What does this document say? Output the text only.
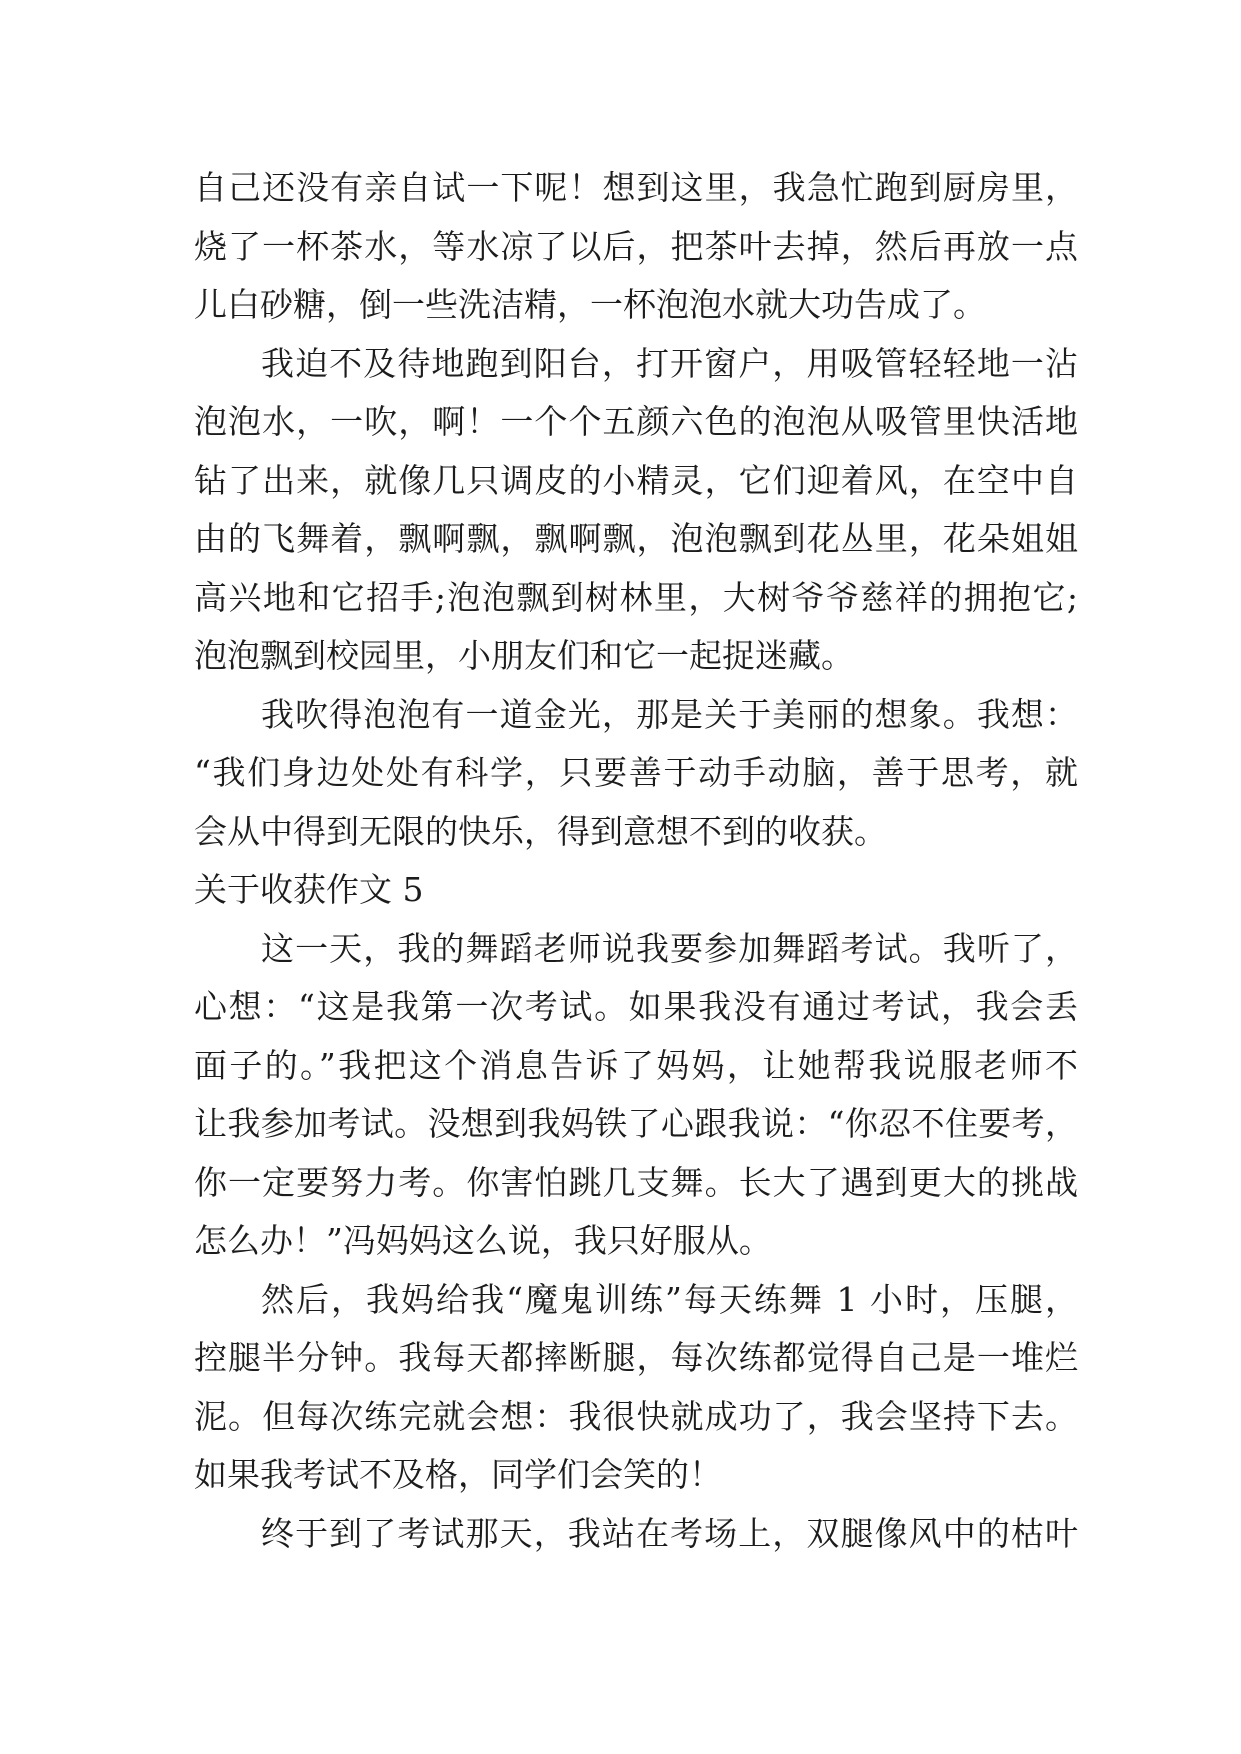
自己还没有亲自试一下呢！想到这里，我急忙跑到厨房里，
烧了一杯茶水，等水凉了以后，把茶叶去掉，然后再放一点
儿白砂糖，倒一些洗洁精，一杯泡泡水就大功告成了。
我迫不及待地跑到阳台，打开窗户，用吸管轻轻地一沾
泡泡水，一吹，啊！一个个五颜六色的泡泡从吸管里快活地
钻了出来，就像几只调皮的小精灵，它们迎着风，在空中自
由的飞舞着，飘啊飘，飘啊飘，泡泡飘到花丛里，花朵姐姐
高兴地和它招手;泡泡飘到树林里，大树爷爷慈祥的拥抱它;
泡泡飘到校园里，小朋友们和它一起捉迷藏。
我吹得泡泡有一道金光，那是关于美丽的想象。我想：
“我们身边处处有科学，只要善于动手动脑，善于思考，就
会从中得到无限的快乐，得到意想不到的收获。
关于收获作文 5
这一天，我的舞蹈老师说我要参加舞蹈考试。我听了，
心想：“这是我第一次考试。如果我没有通过考试，我会丢
面子的。”我把这个消息告诉了妈妈，让她帮我说服老师不
让我参加考试。没想到我妈铁了心跟我说：“你忍不住要考，
你一定要努力考。你害怕跳几支舞。长大了遇到更大的挑战
怎么办！”冯妈妈这么说，我只好服从。
然后，我妈给我“魔鬼训练”每天练舞 1 小时，压腿，
控腿半分钟。我每天都摔断腿，每次练都觉得自己是一堆烂
泥。但每次练完就会想：我很快就成功了，我会坚持下去。
如果我考试不及格，同学们会笑的！
终于到了考试那天，我站在考场上，双腿像风中的枯叶
